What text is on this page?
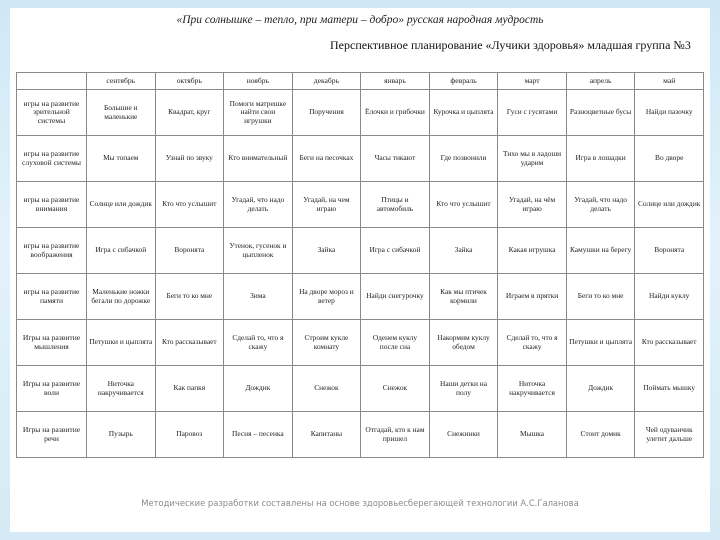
«При солнышке – тепло, при матери – добро» русская народная мудрость
Перспективное планирование «Лучики здоровья» младшая группа №3
	сентябрь	октябрь	ноябрь	декабрь	январь	февраль	март	апрель	май
игры на развитие зрительной системы	Большие и маленькие	Квадрат, круг	Помоги матрешке найти свои игрушки	Поручения	Ёлочки и грибочки	Курочка и цыплята	Гуси с гусятами	Разноцветные бусы	Найди пазочку
игры на развитие слуховой системы	Мы топаем	Узнай по звуку	Кто внимательный	Беги на песочках	Часы тикают	Где позвонили	Тихо мы в ладоши ударим	Игра в лошадки	Во дворе
игры на развитие внимания	Солнце или дождик	Кто что услышит	Угадай, что надо делать	Угадай, на чем играю	Птицы и автомобиль	Кто что услышит	Угадай, на чём играю	Угадай, что надо делать	Солнце или дождик
игры на развитие воображения	Игра с сибачкой	Воронята	Утенок, гусенок и цыпленок	Зайка	Игра с сибачкой	Зайка	Какая игрушка	Камушки на берегу	Воронята
игры на развитие памяти	Маленькие ножки бегали по дорожке	Беги то ко мне	Зима	На дворе мороз и ветер	Найди снегурочку	Как мы птичек кормили	Играем в прятки	Беги то ко мне	Найди куклу
Игры на развитие мышления	Петушки и цыплята	Кто рассказывает	Сделай то, что я скажу	Строим кукле комнату	Оденем куклу после сна	Накормим куклу обедом	Сделай то, что я скажу	Петушки и цыплята	Кто рассказывает
Игры на развитие воли	Ниточка накручивается	Как папкя	Дождик	Снежок	Снежок	Наши детки на полу	Ниточка накручивается	Дождик	Поймать мышку
Игры на развитие речи	Пузырь	Паровоз	Песня – песенка	Капитаны	Отгадай, кто к нам пришел	Снежинки	Мышка	Стоит домик	Чей одуванчик улетит дальше
Методические разработки составлены на основе здоровьесберегающей технологии А.С.Галанова
